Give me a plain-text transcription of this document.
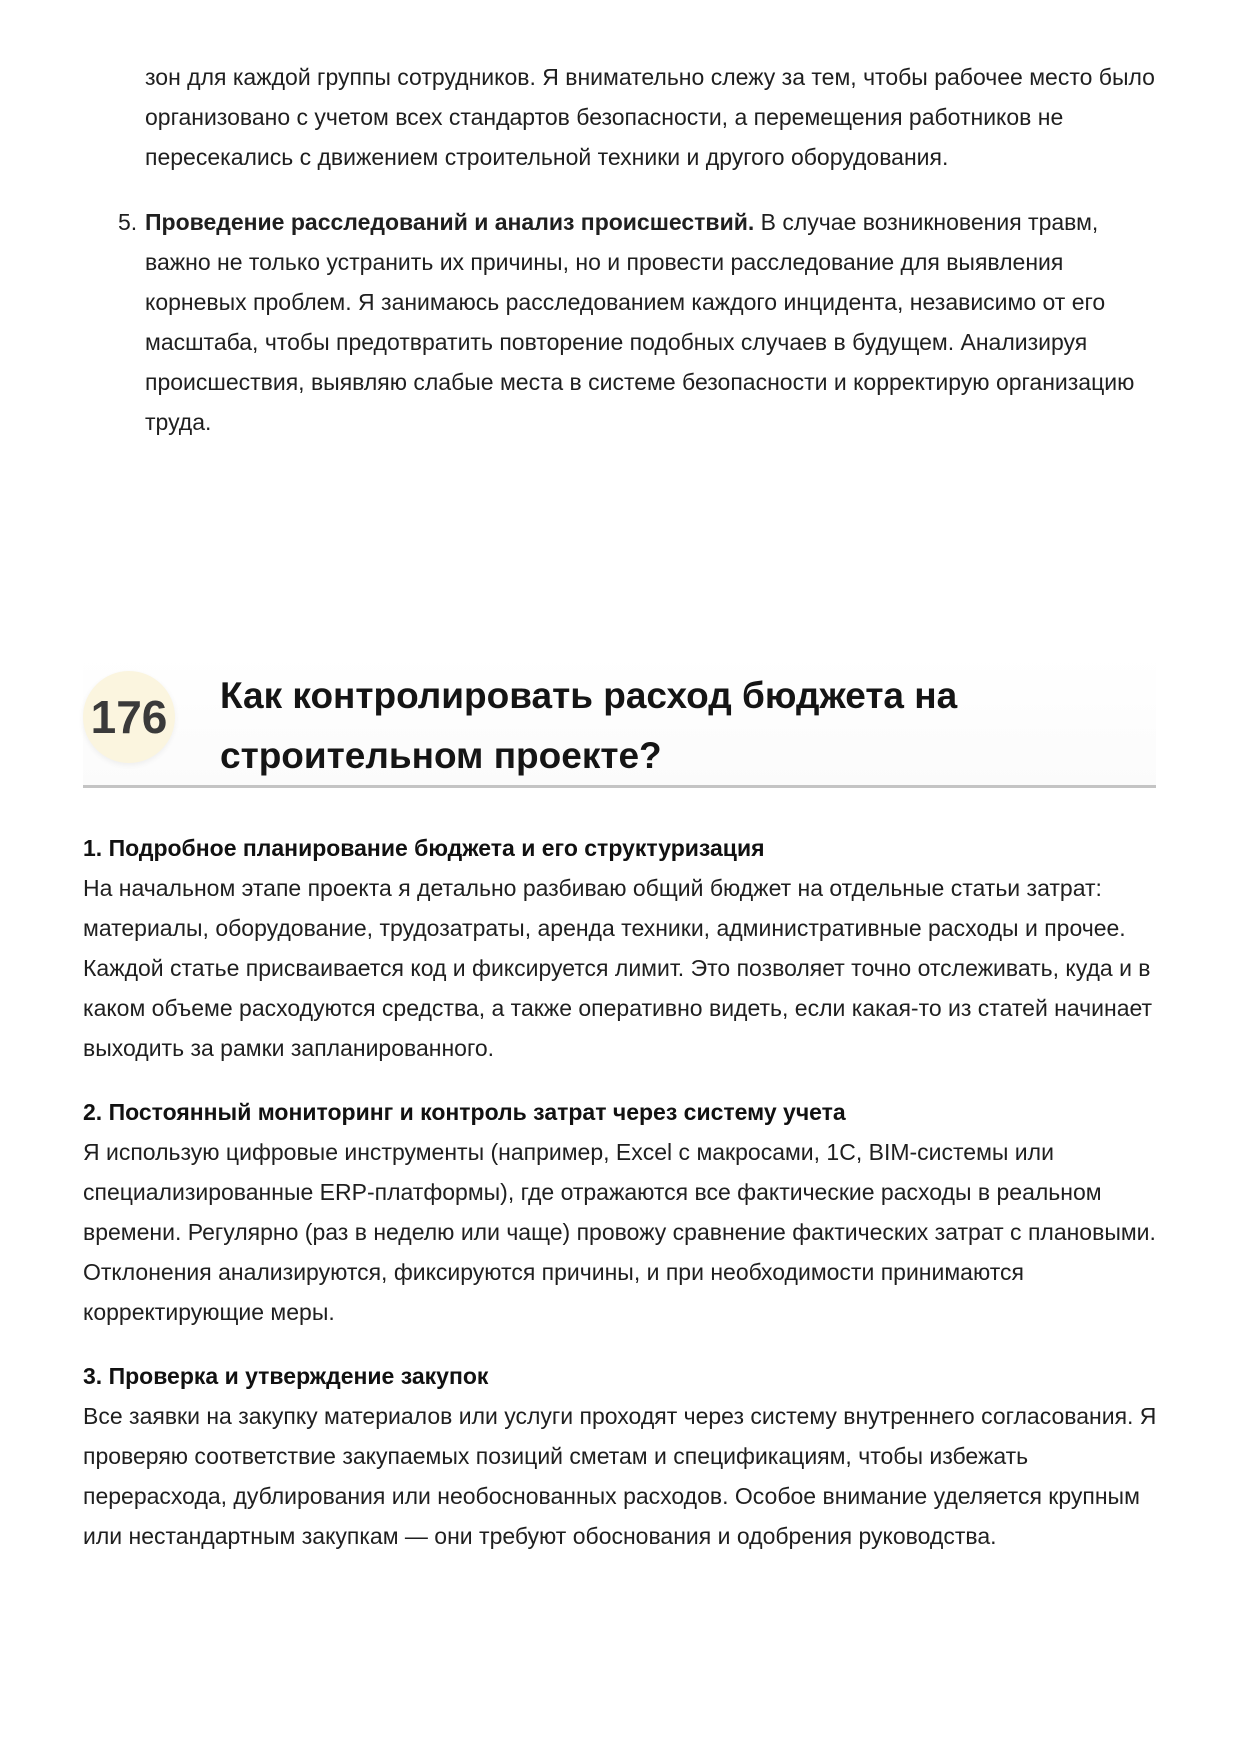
зон для каждой группы сотрудников. Я внимательно слежу за тем, чтобы рабочее место было организовано с учетом всех стандартов безопасности, а перемещения работников не пересекались с движением строительной техники и другого оборудования.

5. Проведение расследований и анализ происшествий. В случае возникновения травм, важно не только устранить их причины, но и провести расследование для выявления корневых проблем. Я занимаюсь расследованием каждого инцидента, независимо от его масштаба, чтобы предотвратить повторение подобных случаев в будущем. Анализируя происшествия, выявляю слабые места в системе безопасности и корректирую организацию труда.

176 Как контролировать расход бюджета на строительном проекте?
1. Подробное планирование бюджета и его структуризация

На начальном этапе проекта я детально разбиваю общий бюджет на отдельные статьи затрат: материалы, оборудование, трудозатраты, аренда техники, административные расходы и прочее. Каждой статье присваивается код и фиксируется лимит. Это позволяет точно отслеживать, куда и в каком объеме расходуются средства, а также оперативно видеть, если какая-то из статей начинает выходить за рамки запланированного.

2. Постоянный мониторинг и контроль затрат через систему учета

Я использую цифровые инструменты (например, Excel с макросами, 1С, BIM-системы или специализированные ERP-платформы), где отражаются все фактические расходы в реальном времени. Регулярно (раз в неделю или чаще) провожу сравнение фактических затрат с плановыми. Отклонения анализируются, фиксируются причины, и при необходимости принимаются корректирующие меры.

3. Проверка и утверждение закупок

Все заявки на закупку материалов или услуги проходят через систему внутреннего согласования. Я проверяю соответствие закупаемых позиций сметам и спецификациям, чтобы избежать перерасхода, дублирования или необоснованных расходов. Особое внимание уделяется крупным или нестандартным закупкам — они требуют обоснования и одобрения руководства.
